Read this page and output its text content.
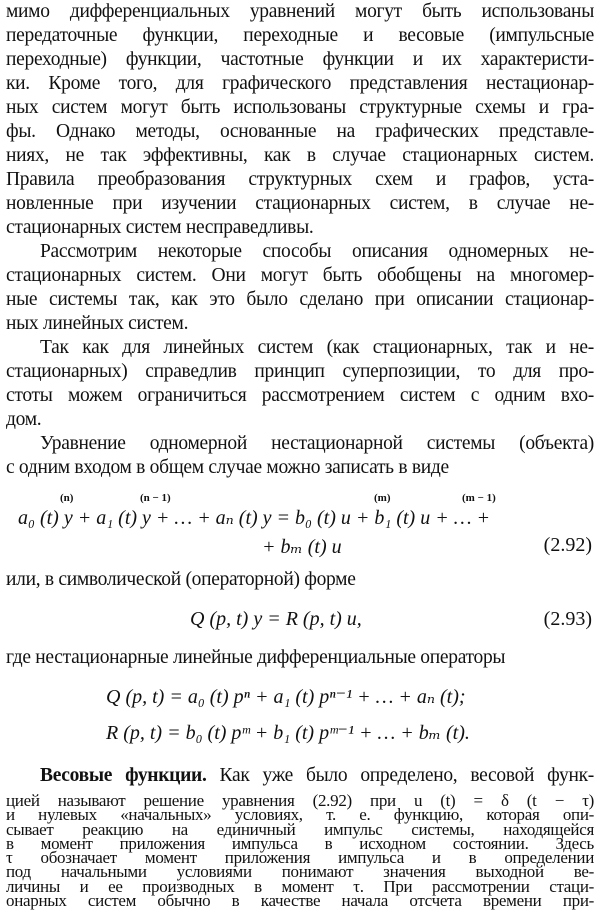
мимо дифференциальных уравнений могут быть использованы
передаточные функции, переходные и весовые (импульсные
переходные) функции, частотные функции и их характеристи-
ки. Кроме того, для графического представления нестационар-
ных систем могут быть использованы структурные схемы и гра-
фы. Однако методы, основанные на графических представле-
ниях, не так эффективны, как в случае стационарных систем.
Правила преобразования структурных схем и графов, уста-
новленные при изучении стационарных систем, в случае не-
стационарных систем несправедливы.
Рассмотрим некоторые способы описания одномерных не-
стационарных систем. Они могут быть обобщены на многомер-
ные системы так, как это было сделано при описании стационар-
ных линейных систем.
Так как для линейных систем (как стационарных, так и не-
стационарных) справедлив принцип суперпозиции, то для про-
стоты можем ограничиться рассмотрением систем с одним вхо-
дом.
Уравнение одномерной нестационарной системы (объекта)
с одним входом в общем случае можно записать в виде
(n)	(n − 1)	(m)	(m − 1)
a₀ (t) y + a₁ (t) y + … + aₙ (t) y = b₀ (t) u + b₁ (t) u + … +
+ bₘ (t) u	(2.92)
или, в символической (операторной) форме
Q (p, t) y = R (p, t) u,	(2.93)
где нестационарные линейные дифференциальные операторы
Q (p, t) = a₀ (t) pⁿ + a₁ (t) pⁿ⁻¹ + … + aₙ (t);
R (p, t) = b₀ (t) pᵐ + b₁ (t) pᵐ⁻¹ + … + bₘ (t).
Весовые функции. Как уже было определено, весовой функ-
цией называют решение уравнения (2.92) при u (t) = δ (t − τ)
и нулевых «начальных» условиях, т. е. функцию, которая опи-
сывает реакцию на единичный импульс системы, находящейся
в момент приложения импульса в исходном состоянии. Здесь
τ обозначает момент приложения импульса и в определении
под начальными условиями понимают значения выходной ве-
личины и ее производных в момент τ. При рассмотрении стаци-
онарных систем обычно в качестве начала отсчета времени при-
